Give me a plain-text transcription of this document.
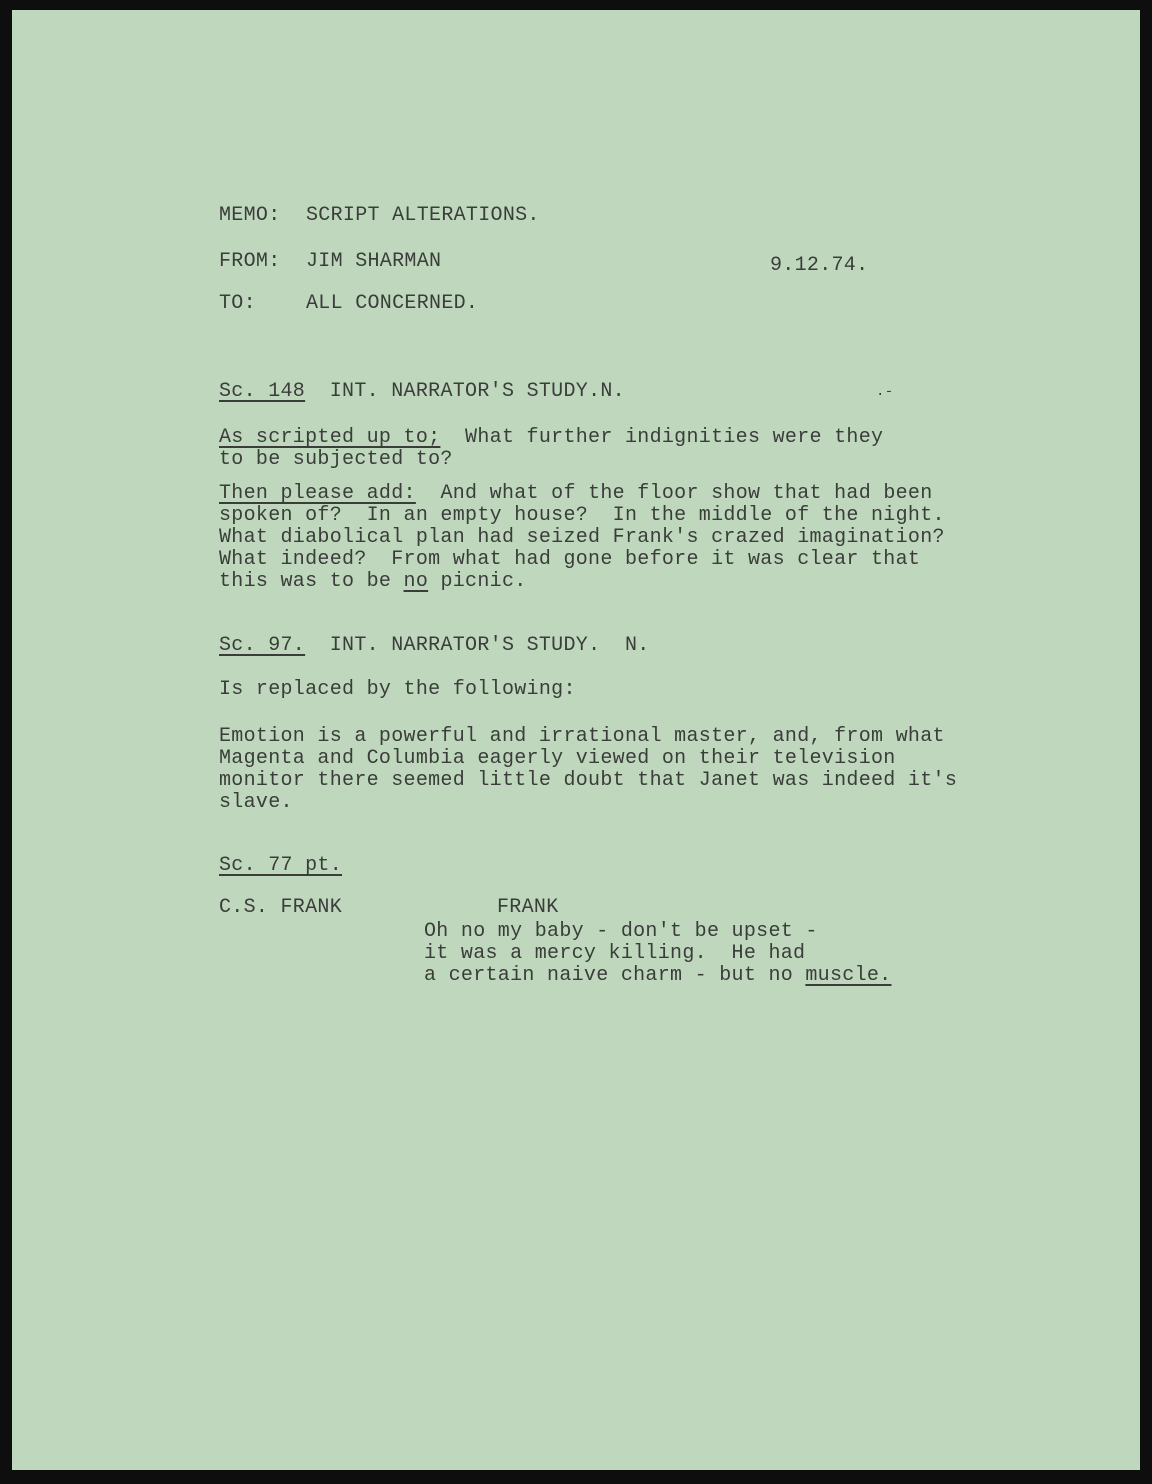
MEMO: SCRIPT ALTERATIONS.
FROM: JIM SHARMAN	9.12.74.
TO:	ALL CONCERNED.
Sc. 148 INT. NARRATOR'S STUDY.N.	.-
As scripted up to;  What further indignities were they
to be subjected to?
Then please add:  And what of the floor show that had been
spoken of?  In an empty house?  In the middle of the night.
What diabolical plan had seized Frank's crazed imagination?
What indeed?  From what had gone before it was clear that
this was to be no picnic.
Sc. 97. INT. NARRATOR'S STUDY.  N.
Is replaced by the following:
Emotion is a powerful and irrational master, and, from what
Magenta and Columbia eagerly viewed on their television
monitor there seemed little doubt that Janet was indeed it's
slave.
Sc. 77 pt.
C.S. FRANK	FRANK
Oh no my baby - don't be upset -
it was a mercy killing.  He had
a certain naive charm - but no muscle.
